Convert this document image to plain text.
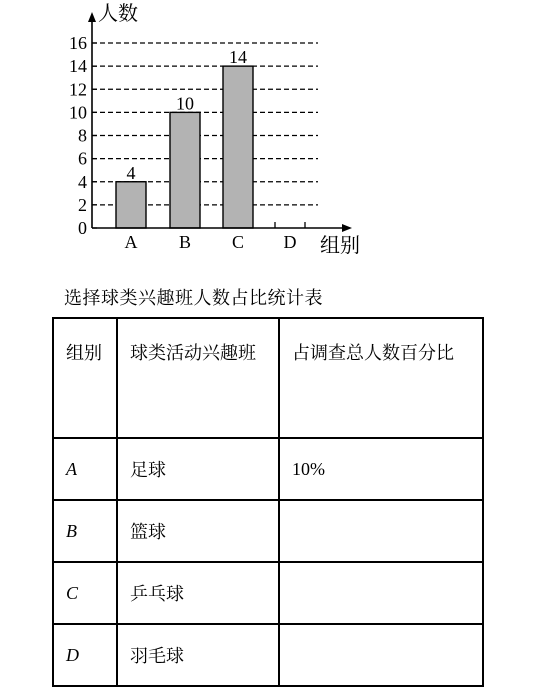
0
2
4
6
8
10
12
14
16
A B C D
4
10
14
人数
组别
选择球类兴趣班人数占比统计表
组别	球类活动兴趣班	占调查总人数百分比
A	足球	10%
B	篮球	
C	乒乓球	
D	羽毛球	
